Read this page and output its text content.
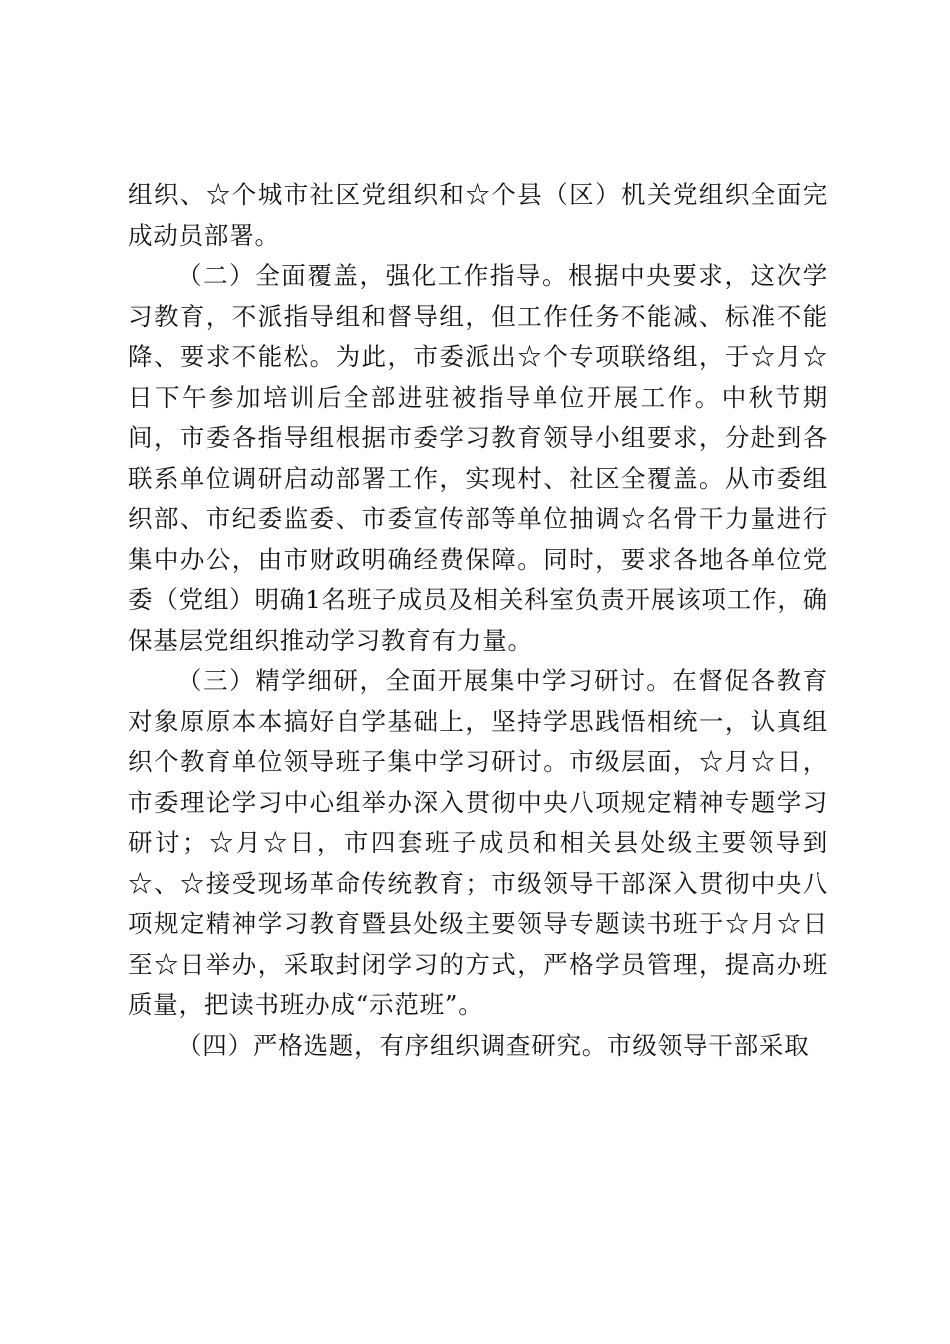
组织、☆个城市社区党组织和☆个县（区）机关党组织全面完成动员部署。

（二）全面覆盖，强化工作指导。根据中央要求，这次学习教育，不派指导组和督导组，但工作任务不能减、标准不能降、要求不能松。为此，市委派出☆个专项联络组，于☆月☆日下午参加培训后全部进驻被指导单位开展工作。中秋节期间，市委各指导组根据市委学习教育领导小组要求，分赴到各联系单位调研启动部署工作，实现村、社区全覆盖。从市委组织部、市纪委监委、市委宣传部等单位抽调☆名骨干力量进行集中办公，由市财政明确经费保障。同时，要求各地各单位党委（党组）明确1名班子成员及相关科室负责开展该项工作，确保基层党组织推动学习教育有力量。

（三）精学细研，全面开展集中学习研讨。在督促各教育对象原原本本搞好自学基础上，坚持学思践悟相统一，认真组织个教育单位领导班子集中学习研讨。市级层面，☆月☆日，市委理论学习中心组举办深入贯彻中央八项规定精神专题学习研讨；☆月☆日，市四套班子成员和相关县处级主要领导到☆、☆接受现场革命传统教育；市级领导干部深入贯彻中央八项规定精神学习教育暨县处级主要领导专题读书班于☆月☆日至☆日举办，采取封闭学习的方式，严格学员管理，提高办班质量，把读书班办成“示范班”。

（四）严格选题，有序组织调查研究。市级领导干部采取
